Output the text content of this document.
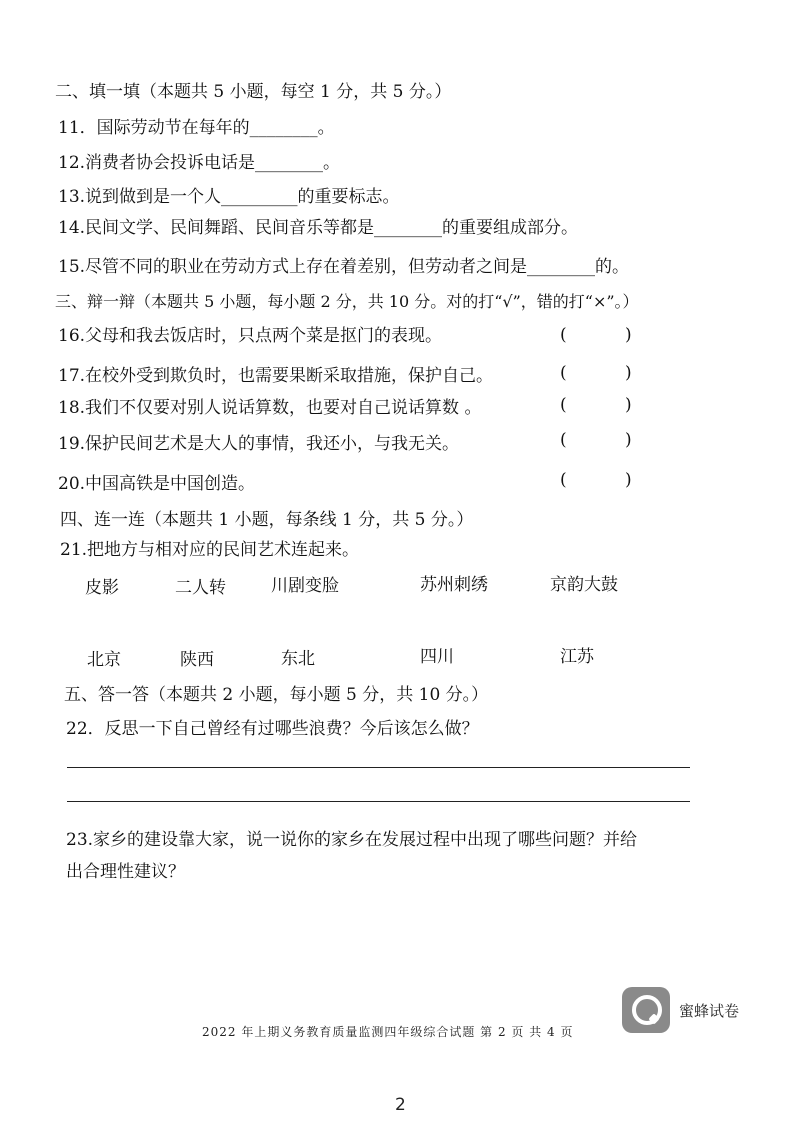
二、填一填（本题共 5 小题，每空 1 分，共 5 分。）
11．国际劳动节在每年的________。
12.消费者协会投诉电话是________。
13.说到做到是一个人_________的重要标志。
14.民间文学、民间舞蹈、民间音乐等都是________的重要组成部分。
15.尽管不同的职业在劳动方式上存在着差别，但劳动者之间是________的。
三、辩一辩（本题共 5 小题，每小题 2 分，共 10 分。对的打“√”，错的打“×”。）
16.父母和我去饭店时，只点两个菜是抠门的表现。	(	)
17.在校外受到欺负时，也需要果断采取措施，保护自己。	(	)
18.我们不仅要对别人说话算数，也要对自己说话算数 。	(	)
19.保护民间艺术是大人的事情，我还小，与我无关。	(	)
20.中国高铁是中国创造。	(	)
四、连一连（本题共 1 小题，每条线 1 分，共 5 分。）
21.把地方与相对应的民间艺术连起来。
皮影	二人转	川剧变脸	苏州刺绣	京韵大鼓
北京	陕西	东北	四川	江苏
五、答一答（本题共 2 小题，每小题 5 分，共 10 分。）
22．反思一下自己曾经有过哪些浪费？今后该怎么做？
23.家乡的建设靠大家，说一说你的家乡在发展过程中出现了哪些问题？并给
出合理性建议？
蜜蜂试卷
2022 年上期义务教育质量监测四年级综合试题 第 2 页 共 4 页
2
